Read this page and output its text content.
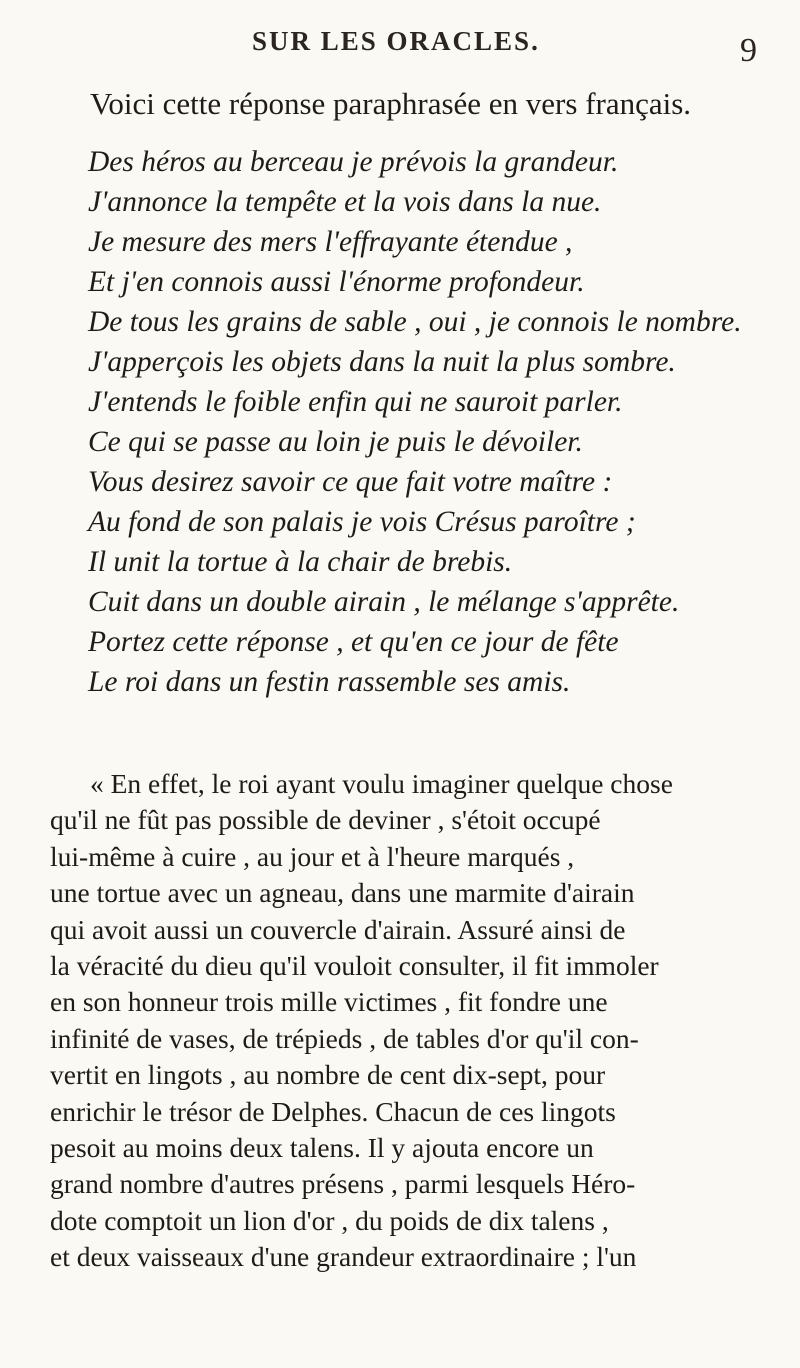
SUR LES ORACLES.	9
Voici cette réponse paraphrasée en vers français.
Des héros au berceau je prévois la grandeur.
J'annonce la tempête et la vois dans la nue.
Je mesure des mers l'effrayante étendue ,
Et j'en connois aussi l'énorme profondeur.
De tous les grains de sable , oui , je connois le nombre.
J'apperçois les objets dans la nuit la plus sombre.
J'entends le foible enfin qui ne sauroit parler.
Ce qui se passe au loin je puis le dévoiler.
Vous desirez savoir ce que fait votre maître :
Au fond de son palais je vois Crésus paroître ;
Il unit la tortue à la chair de brebis.
Cuit dans un double airain , le mélange s'apprête.
Portez cette réponse , et qu'en ce jour de fête
Le roi dans un festin rassemble ses amis.
« En effet, le roi ayant voulu imaginer quelque chose
qu'il ne fût pas possible de deviner , s'étoit occupé
lui-même à cuire , au jour et à l'heure marqués ,
une tortue avec un agneau, dans une marmite d'airain
qui avoit aussi un couvercle d'airain. Assuré ainsi de
la véracité du dieu qu'il vouloit consulter, il fit immoler
en son honneur trois mille victimes , fit fondre une
infinité de vases, de trépieds , de tables d'or qu'il con-
vertit en lingots , au nombre de cent dix-sept, pour
enrichir le trésor de Delphes. Chacun de ces lingots
pesoit au moins deux talens. Il y ajouta encore un
grand nombre d'autres présens , parmi lesquels Héro-
dote comptoit un lion d'or , du poids de dix talens ,
et deux vaisseaux d'une grandeur extraordinaire ; l'un
